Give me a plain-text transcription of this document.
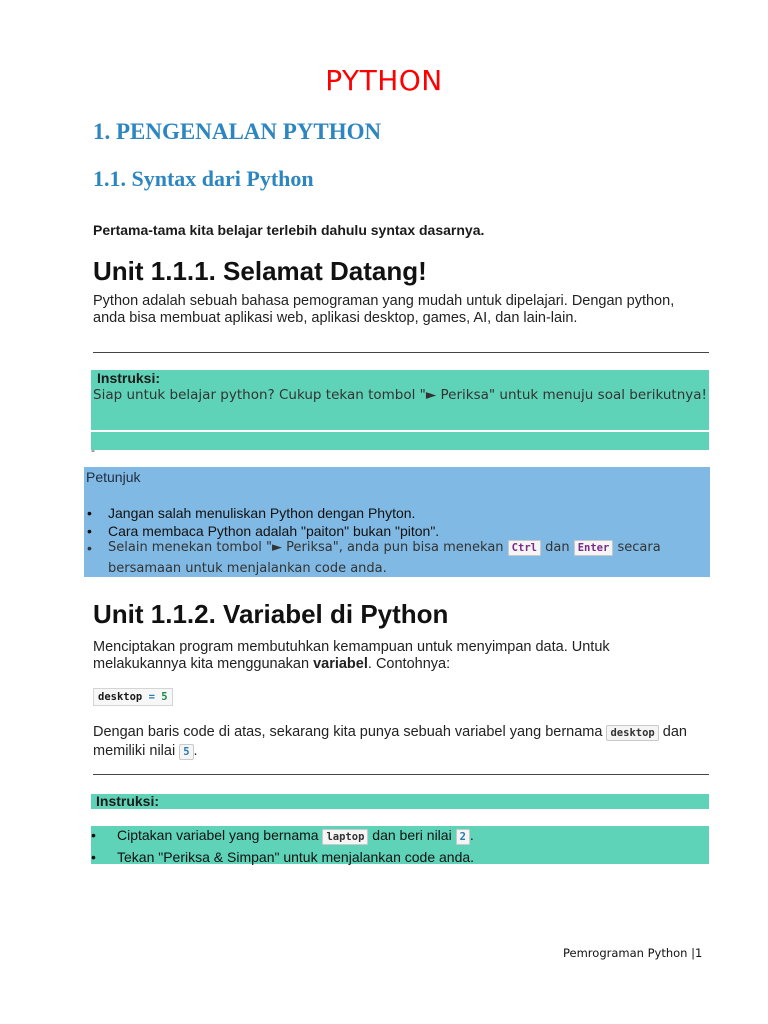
PYTHON
1. PENGENALAN PYTHON
1.1. Syntax dari Python
Pertama-tama kita belajar terlebih dahulu syntax dasarnya.
Unit 1.1.1. Selamat Datang!
Python adalah sebuah bahasa pemograman yang mudah untuk dipelajari. Dengan python,
anda bisa membuat aplikasi web, aplikasi desktop, games, AI, dan lain-lain.
Instruksi:
Siap untuk belajar python? Cukup tekan tombol "► Periksa" untuk menuju soal berikutnya!
-
Petunjuk
• Jangan salah menuliskan Python dengan Phyton.
• Cara membaca Python adalah "paiton" bukan "piton".
• Selain menekan tombol "► Periksa", anda pun bisa menekan Ctrl dan Enter secara
bersamaan untuk menjalankan code anda.
Unit 1.1.2. Variabel di Python
Menciptakan program membutuhkan kemampuan untuk menyimpan data. Untuk
melakukannya kita menggunakan variabel. Contohnya:
desktop = 5
Dengan baris code di atas, sekarang kita punya sebuah variabel yang bernama desktop dan
memiliki nilai 5 .
Instruksi:
• Ciptakan variabel yang bernama laptop dan beri nilai 2 .
• Tekan "Periksa & Simpan" untuk menjalankan code anda.
Pemrograman Python |1
